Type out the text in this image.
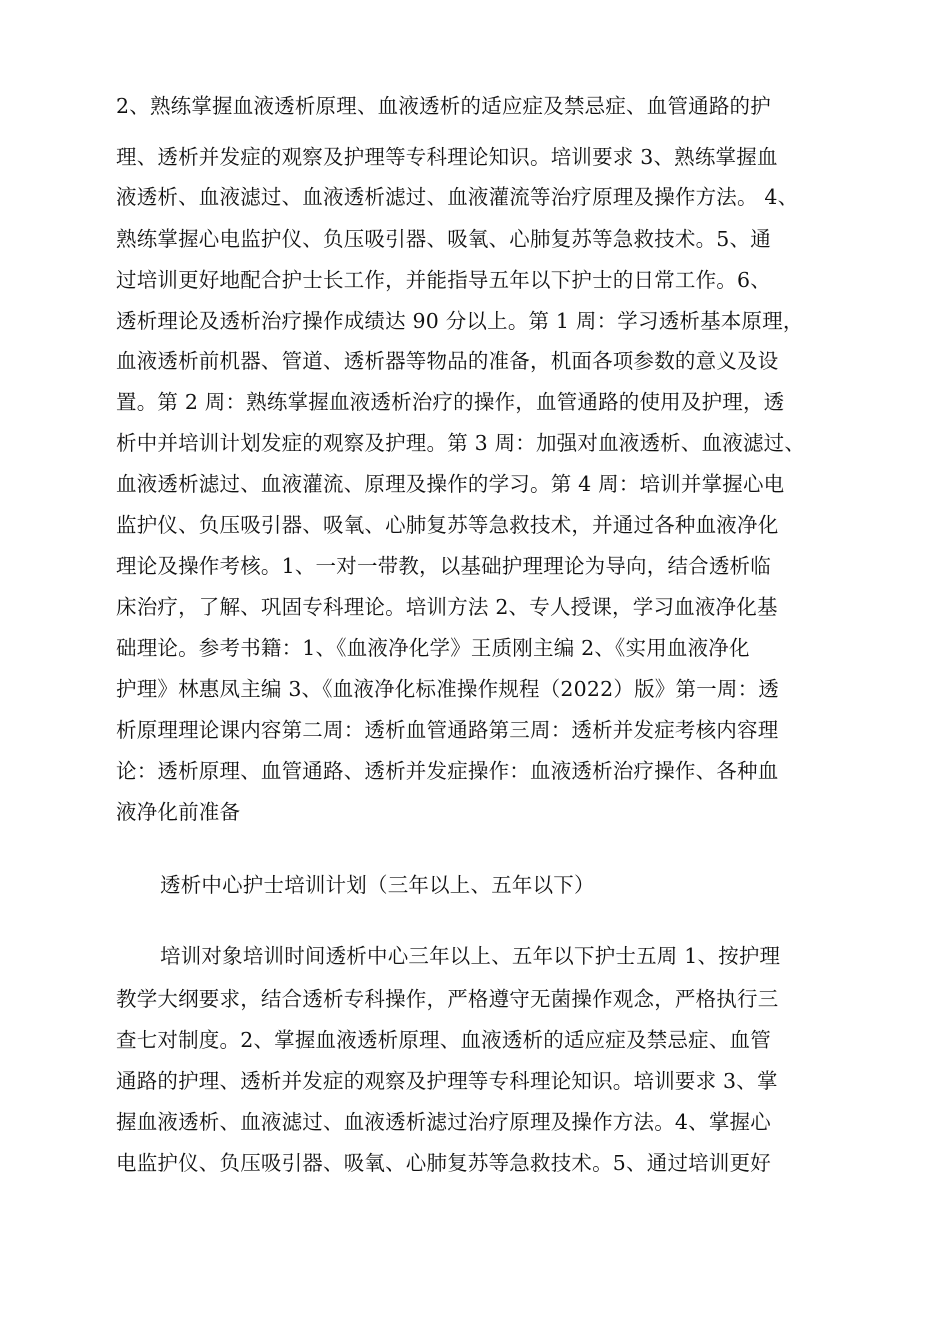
2、熟练掌握血液透析原理、血液透析的适应症及禁忌症、血管通路的护
理、透析并发症的观察及护理等专科理论知识。培训要求 3、熟练掌握血
液透析、血液滤过、血液透析滤过、血液灌流等治疗原理及操作方法。 4、
熟练掌握心电监护仪、负压吸引器、吸氧、心肺复苏等急救技术。5、通
过培训更好地配合护士长工作，并能指导五年以下护士的日常工作。6、
透析理论及透析治疗操作成绩达 90 分以上。第 1 周：学习透析基本原理，
血液透析前机器、管道、透析器等物品的准备，机面各项参数的意义及设
置。第 2 周：熟练掌握血液透析治疗的操作，血管通路的使用及护理，透
析中并培训计划发症的观察及护理。第 3 周：加强对血液透析、血液滤过、
血液透析滤过、血液灌流、原理及操作的学习。第 4 周：培训并掌握心电
监护仪、负压吸引器、吸氧、心肺复苏等急救技术，并通过各种血液净化
理论及操作考核。1、一对一带教，以基础护理理论为导向，结合透析临
床治疗，了解、巩固专科理论。培训方法 2、专人授课，学习血液净化基
础理论。参考书籍：1、《血液净化学》王质刚主编 2、《实用血液净化
护理》林惠凤主编 3、《血液净化标准操作规程（2022）版》第一周：透
析原理理论课内容第二周：透析血管通路第三周：透析并发症考核内容理
论：透析原理、血管通路、透析并发症操作：血液透析治疗操作、各种血
液净化前准备
透析中心护士培训计划（三年以上、五年以下）
培训对象培训时间透析中心三年以上、五年以下护士五周 1、按护理
教学大纲要求，结合透析专科操作，严格遵守无菌操作观念，严格执行三
查七对制度。2、掌握血液透析原理、血液透析的适应症及禁忌症、血管
通路的护理、透析并发症的观察及护理等专科理论知识。培训要求 3、掌
握血液透析、血液滤过、血液透析滤过治疗原理及操作方法。4、掌握心
电监护仪、负压吸引器、吸氧、心肺复苏等急救技术。5、通过培训更好
